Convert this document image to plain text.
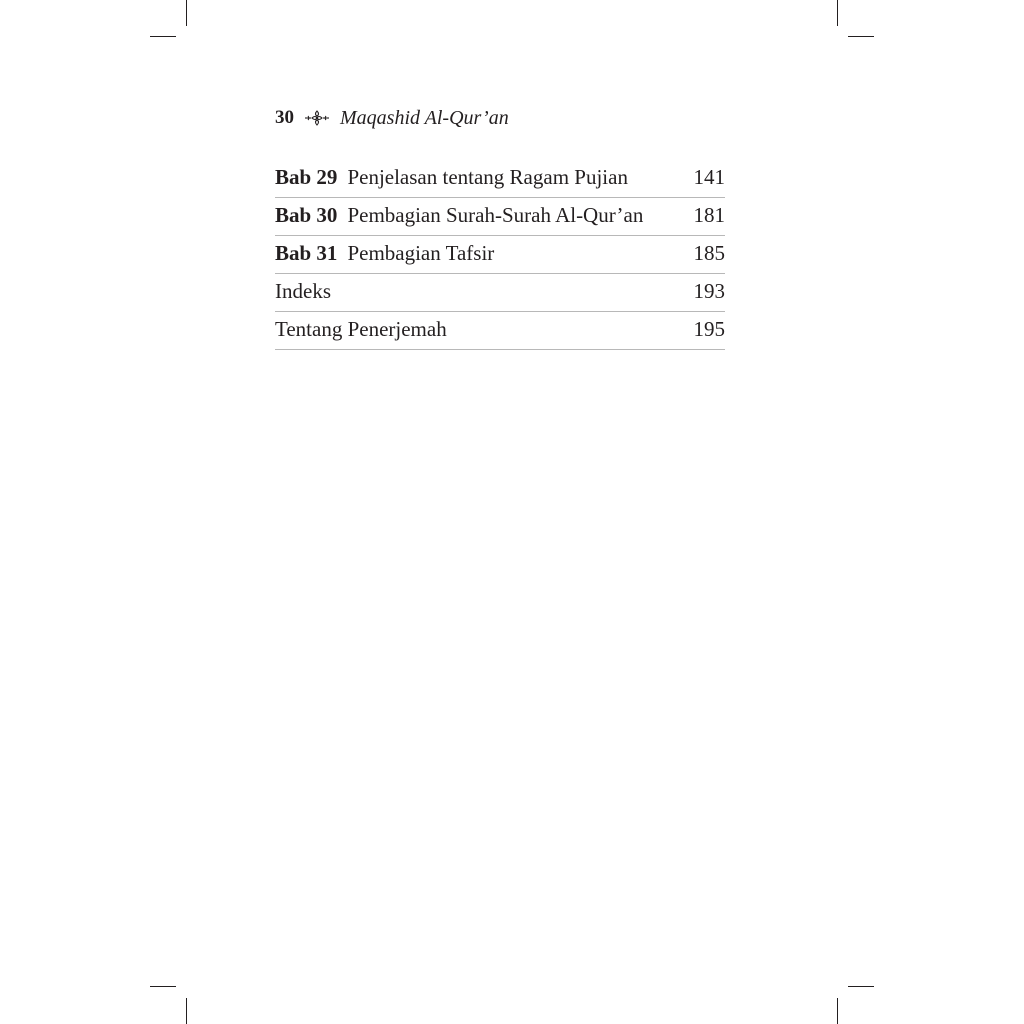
30 Maqashid Al-Qur’an
Bab 29 Penjelasan tentang Ragam Pujian	141
Bab 30 Pembagian Surah-Surah Al-Qur’an 181
Bab 31 Pembagian Tafsir	185
Indeks	193
Tentang Penerjemah	195
